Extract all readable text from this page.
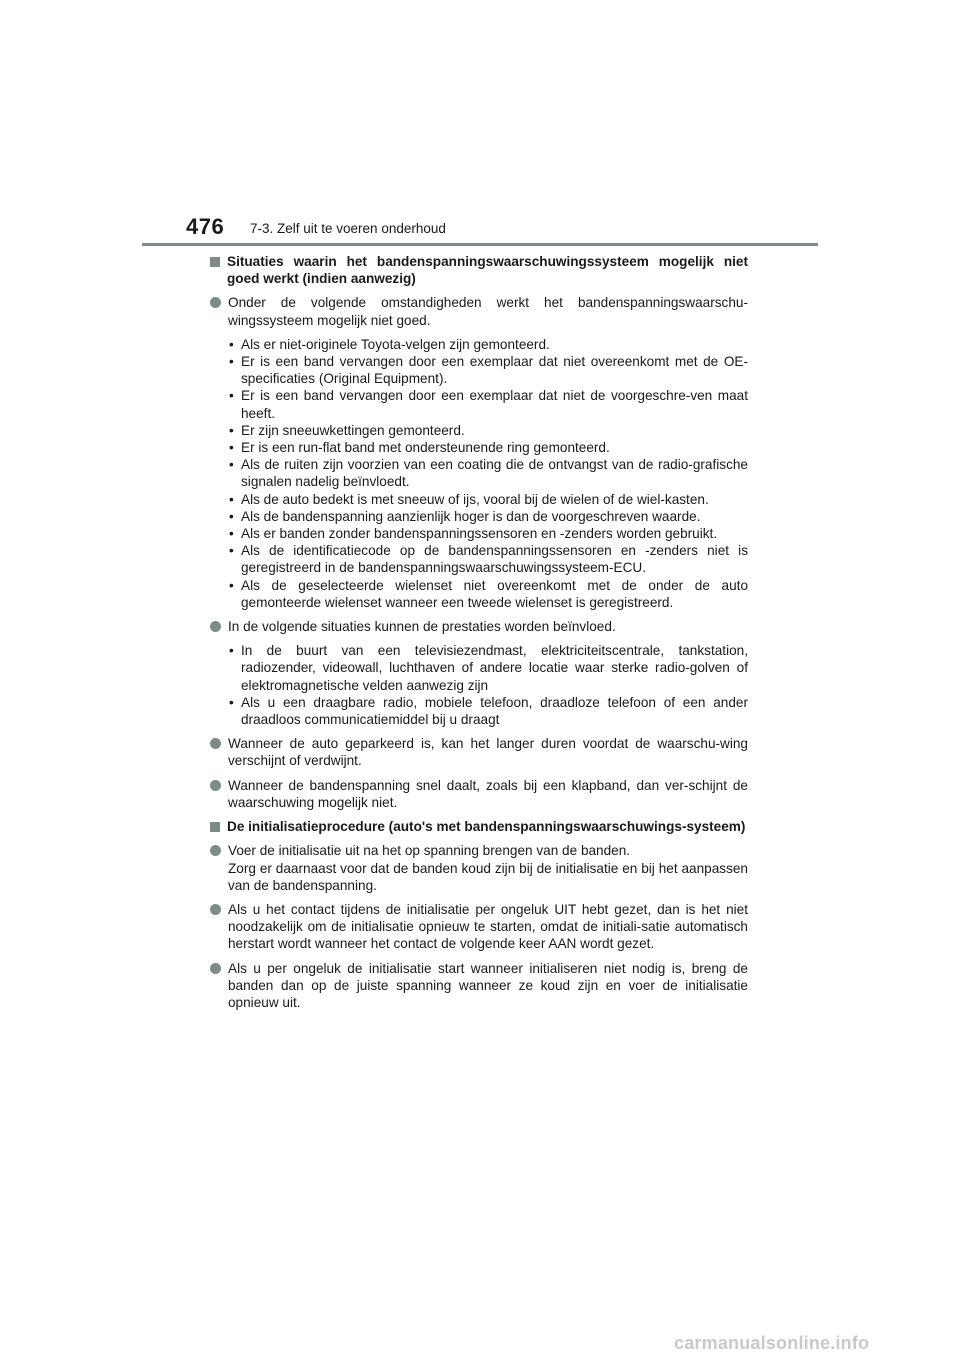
476 7-3. Zelf uit te voeren onderhoud
Situaties waarin het bandenspanningswaarschuwingssysteem mogelijk niet goed werkt (indien aanwezig)
Onder de volgende omstandigheden werkt het bandenspanningswaarschu-wingssysteem mogelijk niet goed.
• Als er niet-originele Toyota-velgen zijn gemonteerd.
• Er is een band vervangen door een exemplaar dat niet overeenkomt met de OE-specificaties (Original Equipment).
• Er is een band vervangen door een exemplaar dat niet de voorgeschre-ven maat heeft.
• Er zijn sneeuwkettingen gemonteerd.
• Er is een run-flat band met ondersteunende ring gemonteerd.
• Als de ruiten zijn voorzien van een coating die de ontvangst van de radio-grafische signalen nadelig beïnvloedt.
• Als de auto bedekt is met sneeuw of ijs, vooral bij de wielen of de wiel-kasten.
• Als de bandenspanning aanzienlijk hoger is dan de voorgeschreven waarde.
• Als er banden zonder bandenspanningssensoren en -zenders worden gebruikt.
• Als de identificatiecode op de bandenspanningssensoren en -zenders niet is geregistreerd in de bandenspanningswaarschuwingssysteem-ECU.
• Als de geselecteerde wielenset niet overeenkomt met de onder de auto gemonteerde wielenset wanneer een tweede wielenset is geregistreerd.
In de volgende situaties kunnen de prestaties worden beïnvloed.
• In de buurt van een televisiezendmast, elektriciteitscentrale, tankstation, radiozender, videowall, luchthaven of andere locatie waar sterke radio-golven of elektromagnetische velden aanwezig zijn
• Als u een draagbare radio, mobiele telefoon, draadloze telefoon of een ander draadloos communicatiemiddel bij u draagt
Wanneer de auto geparkeerd is, kan het langer duren voordat de waarschu-wing verschijnt of verdwijnt.
Wanneer de bandenspanning snel daalt, zoals bij een klapband, dan ver-schijnt de waarschuwing mogelijk niet.
De initialisatieprocedure (auto's met bandenspanningswaarschuwings-systeem)
Voer de initialisatie uit na het op spanning brengen van de banden.
Zorg er daarnaast voor dat de banden koud zijn bij de initialisatie en bij het aanpassen van de bandenspanning.
Als u het contact tijdens de initialisatie per ongeluk UIT hebt gezet, dan is het niet noodzakelijk om de initialisatie opnieuw te starten, omdat de initiali-satie automatisch herstart wordt wanneer het contact de volgende keer AAN wordt gezet.
Als u per ongeluk de initialisatie start wanneer initialiseren niet nodig is, breng de banden dan op de juiste spanning wanneer ze koud zijn en voer de initialisatie opnieuw uit.
carmanualsonline.info
